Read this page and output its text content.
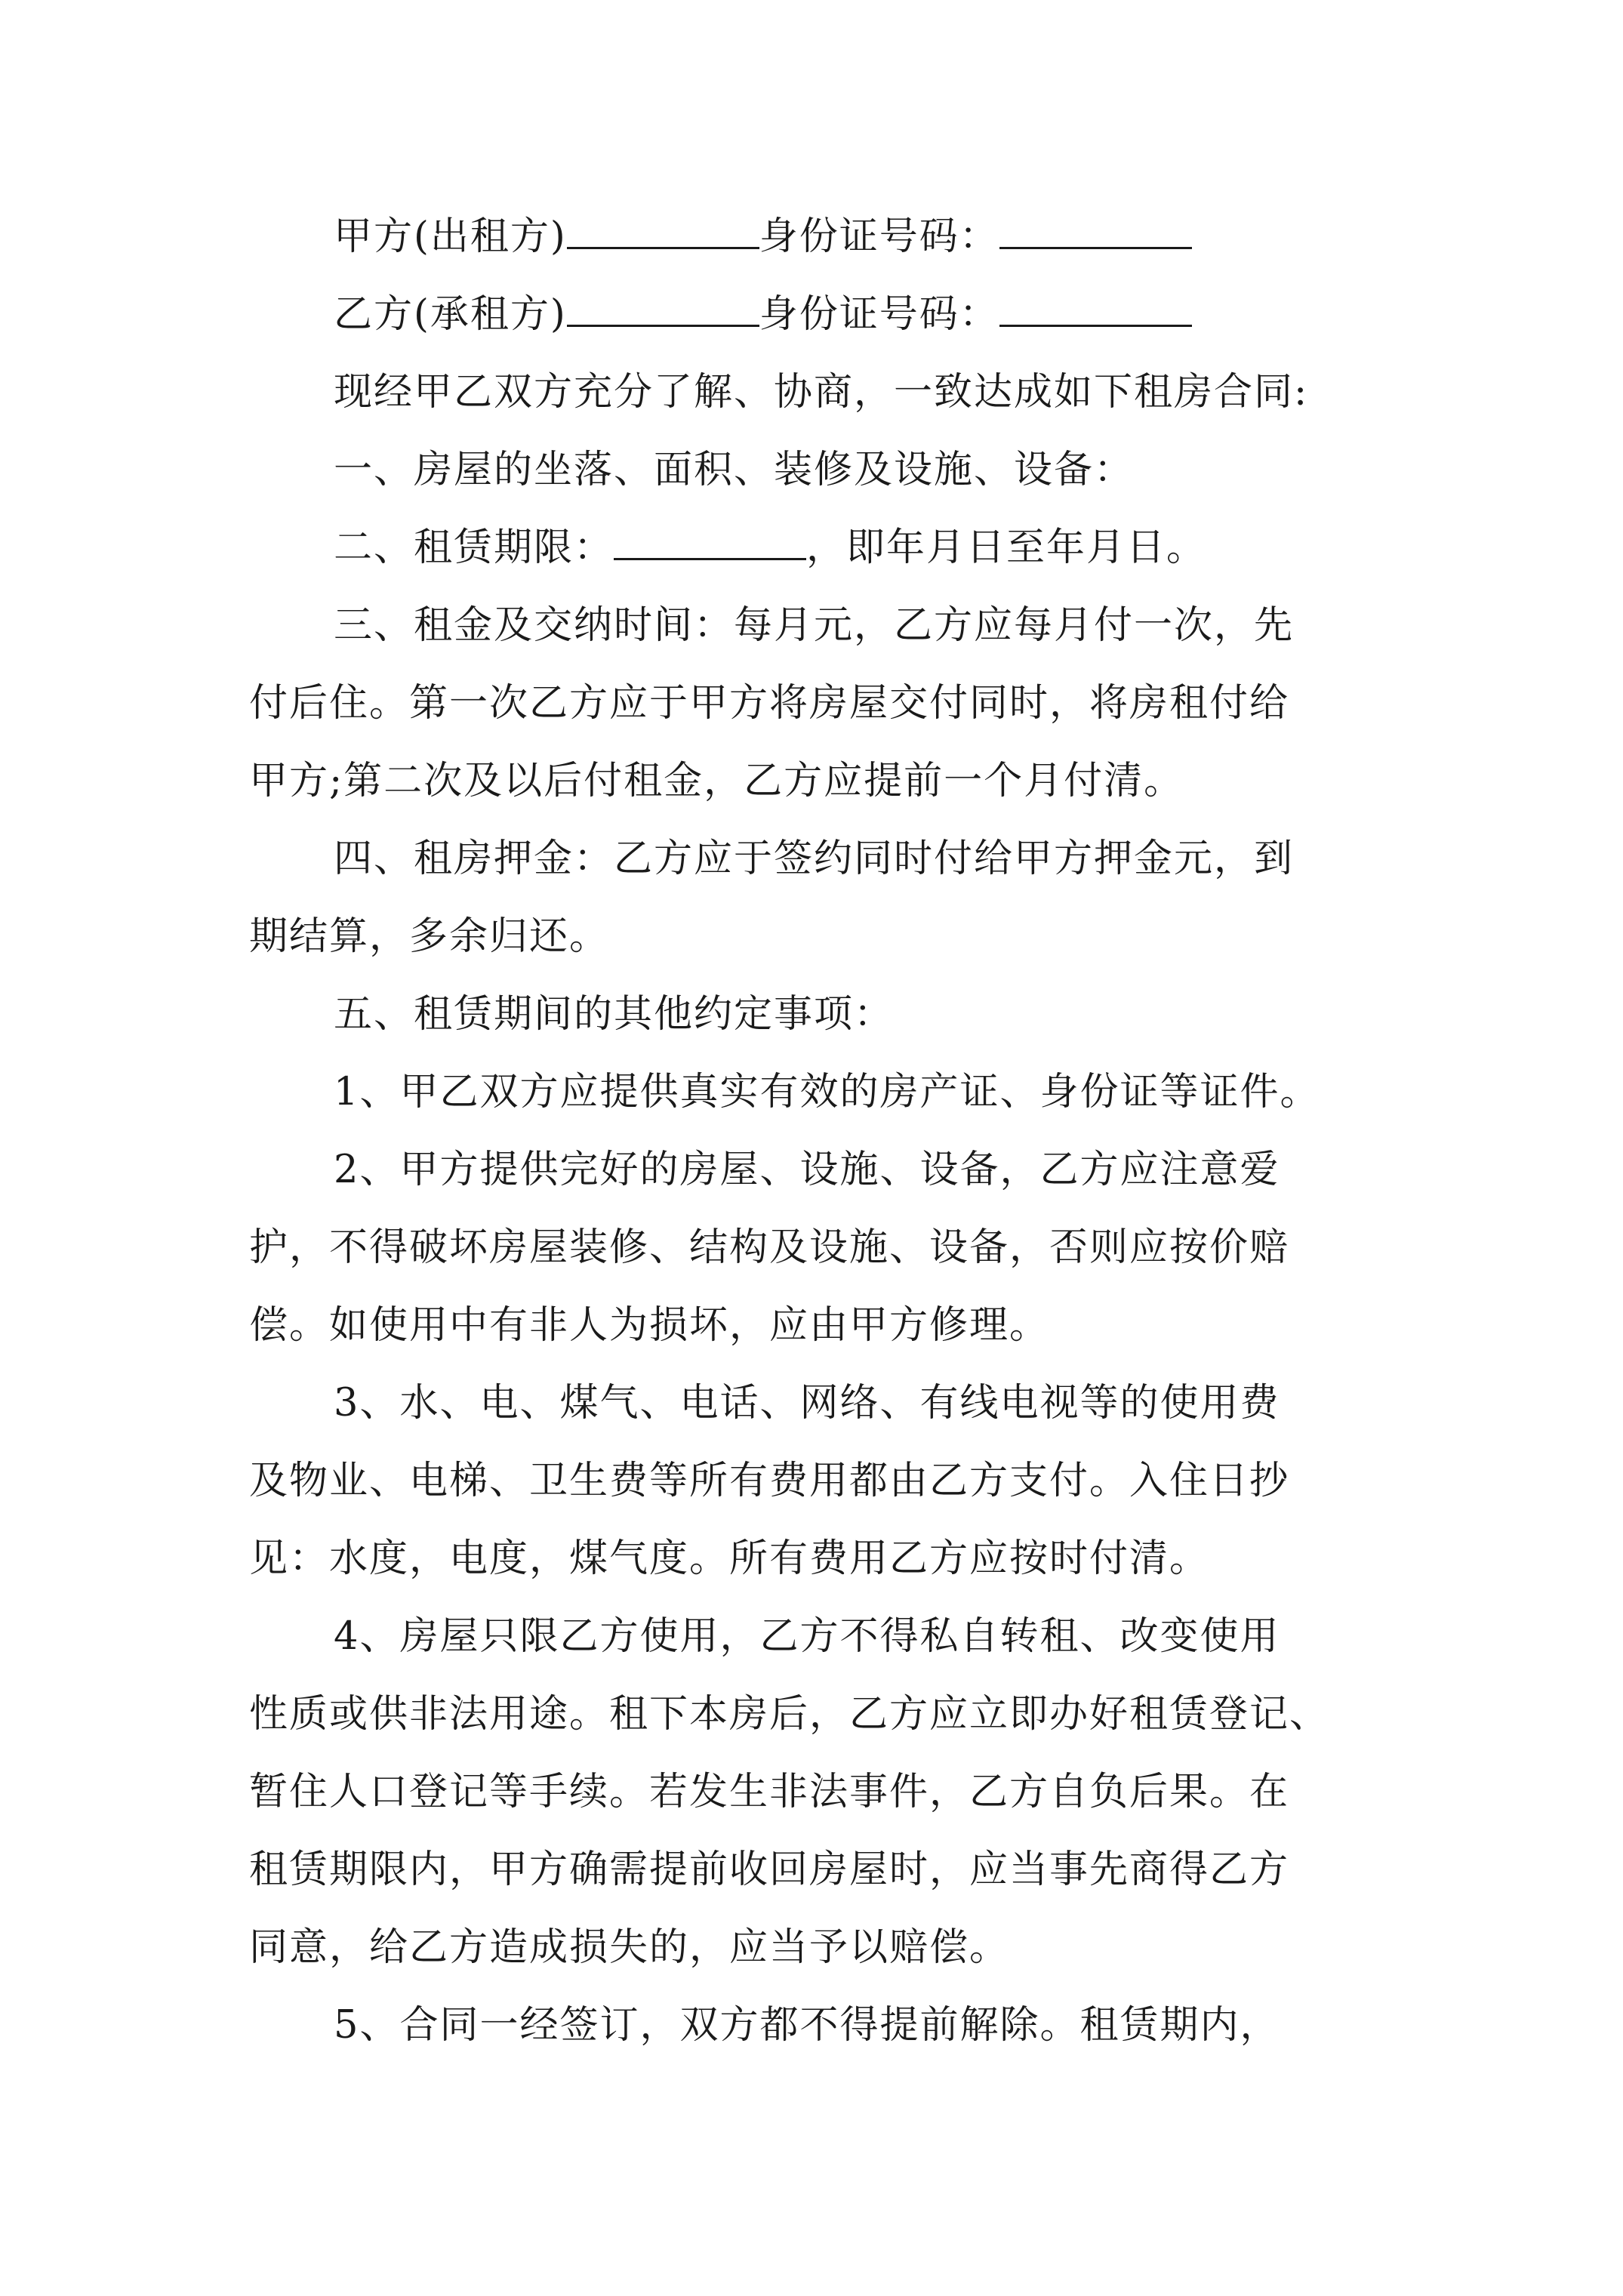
甲方(出租方)	身份证号码：
乙方(承租方)	身份证号码：
现经甲乙双方充分了解、协商，一致达成如下租房合同:
一、房屋的坐落、面积、装修及设施、设备：
二、租赁期限：	，即年月日至年月日。
三、租金及交纳时间：每月元，乙方应每月付一次，先
付后住。第一次乙方应于甲方将房屋交付同时，将房租付给
甲方;第二次及以后付租金，乙方应提前一个月付清。
四、租房押金：乙方应于签约同时付给甲方押金元，到
期结算，多余归还。
五、租赁期间的其他约定事项：
1、甲乙双方应提供真实有效的房产证、身份证等证件。
2、甲方提供完好的房屋、设施、设备，乙方应注意爱
护，不得破坏房屋装修、结构及设施、设备，否则应按价赔
偿。如使用中有非人为损坏，应由甲方修理。
3、水、电、煤气、电话、网络、有线电视等的使用费
及物业、电梯、卫生费等所有费用都由乙方支付。入住日抄
见：水度，电度，煤气度。所有费用乙方应按时付清。
4、房屋只限乙方使用，乙方不得私自转租、改变使用
性质或供非法用途。租下本房后，乙方应立即办好租赁登记、
暂住人口登记等手续。若发生非法事件，乙方自负后果。在
租赁期限内，甲方确需提前收回房屋时，应当事先商得乙方
同意，给乙方造成损失的，应当予以赔偿。
5、合同一经签订，双方都不得提前解除。租赁期内，
